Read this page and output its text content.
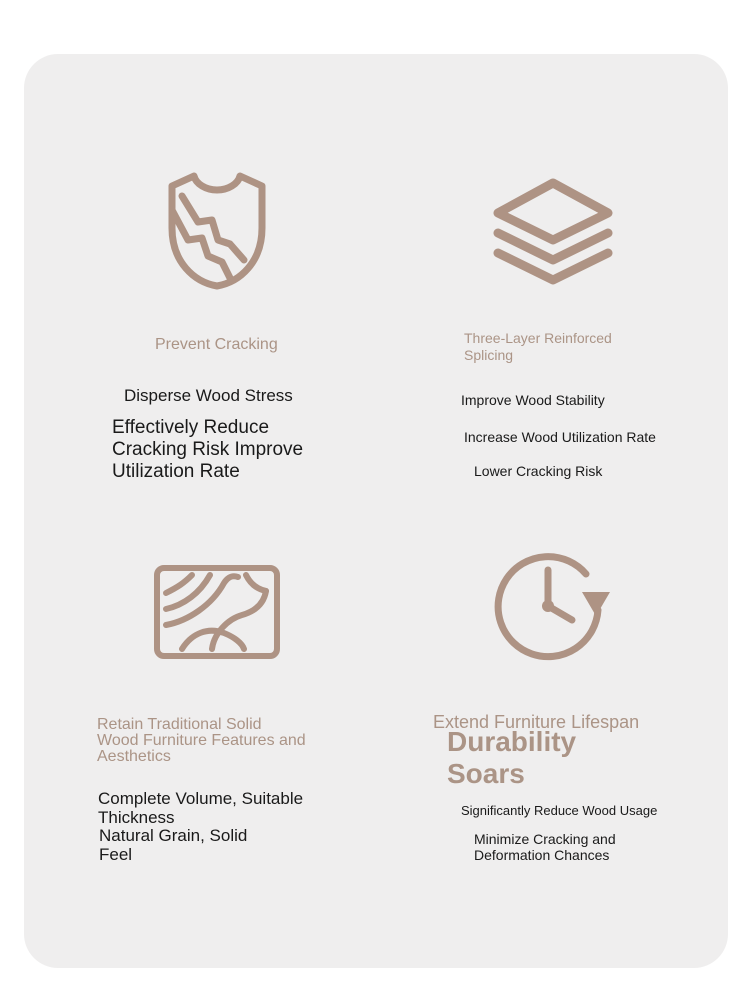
Prevent Cracking
Disperse Wood Stress
Effectively Reduce Cracking Risk Improve Utilization Rate
Three-Layer Reinforced Splicing
Improve Wood Stability
Increase Wood Utilization Rate
Lower Cracking Risk
Retain Traditional Solid Wood Furniture Features and Aesthetics
Complete Volume, Suitable Thickness
Natural Grain, Solid Feel
Extend Furniture Lifespan
Durability Soars
Significantly Reduce Wood Usage
Minimize Cracking and Deformation Chances
